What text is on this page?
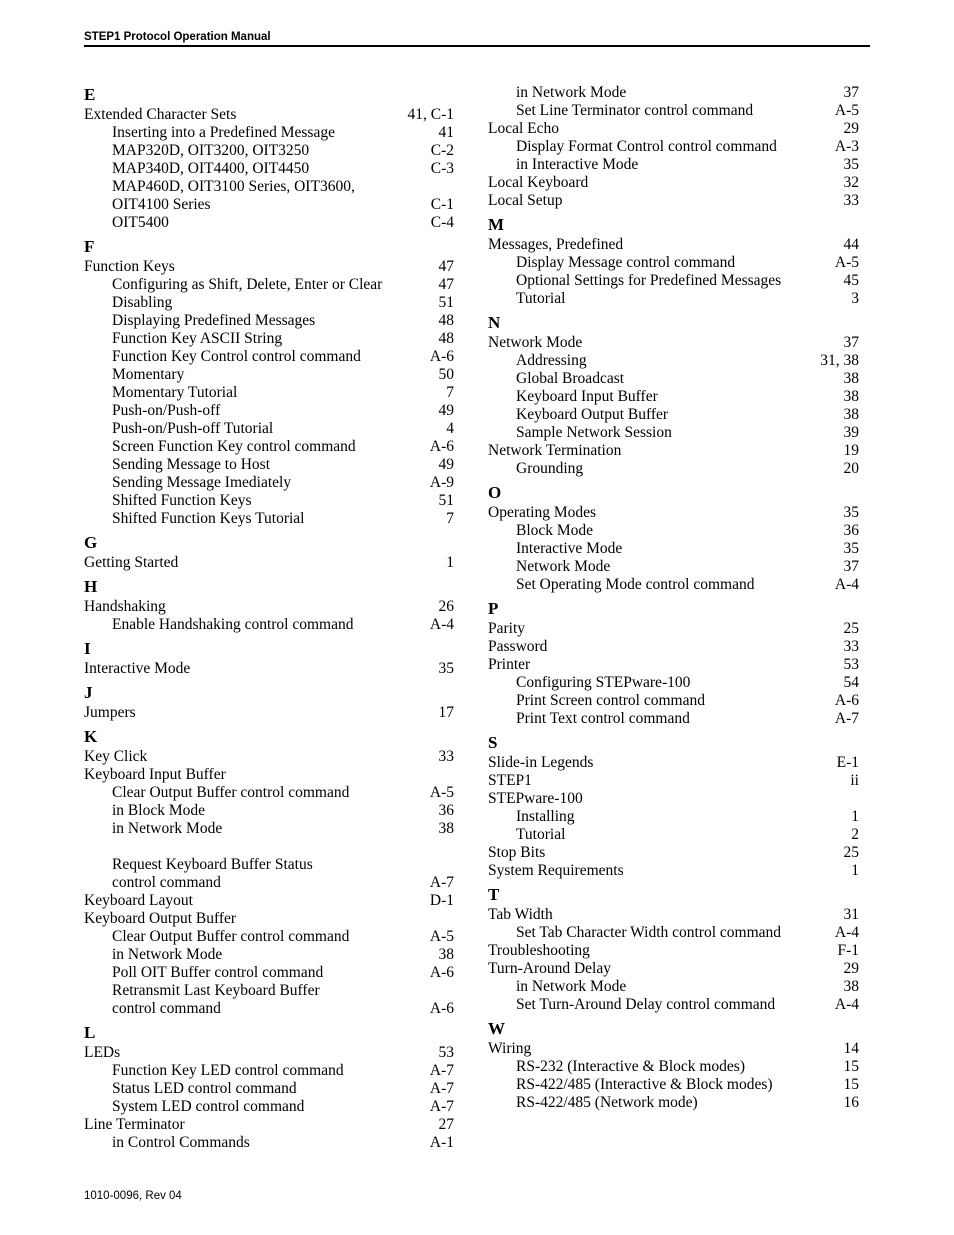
STEP1 Protocol Operation Manual
E
Extended Character Sets	41, C-1
Inserting into a Predefined Message	41
MAP320D, OIT3200, OIT3250	C-2
MAP340D, OIT4400, OIT4450	C-3
MAP460D, OIT3100 Series, OIT3600,
OIT4100 Series	C-1
OIT5400	C-4
F
Function Keys	47
Configuring as Shift, Delete, Enter or Clear	47
Disabling	51
Displaying Predefined Messages	48
Function Key ASCII String	48
Function Key Control control command	A-6
Momentary	50
Momentary Tutorial	7
Push-on/Push-off	49
Push-on/Push-off Tutorial	4
Screen Function Key control command	A-6
Sending Message to Host	49
Sending Message Imediately	A-9
Shifted Function Keys	51
Shifted Function Keys Tutorial	7
G
Getting Started	1
H
Handshaking	26
Enable Handshaking control command	A-4
I
Interactive Mode	35
J
Jumpers	17
K
Key Click	33
Keyboard Input Buffer
Clear Output Buffer control command	A-5
in Block Mode	36
in Network Mode	38
Request Keyboard Buffer Status
control command	A-7
Keyboard Layout	D-1
Keyboard Output Buffer
Clear Output Buffer control command	A-5
in Network Mode	38
Poll OIT Buffer control command	A-6
Retransmit Last Keyboard Buffer
control command	A-6
L
LEDs	53
Function Key LED control command	A-7
Status LED control command	A-7
System LED control command	A-7
Line Terminator	27
in Control Commands	A-1
in Network Mode	37
Set Line Terminator control command	A-5
Local Echo	29
Display Format Control control command	A-3
in Interactive Mode	35
Local Keyboard	32
Local Setup	33
M
Messages, Predefined	44
Display Message control command	A-5
Optional Settings for Predefined Messages	45
Tutorial	3
N
Network Mode	37
Addressing	31, 38
Global Broadcast	38
Keyboard Input Buffer	38
Keyboard Output Buffer	38
Sample Network Session	39
Network Termination	19
Grounding	20
O
Operating Modes	35
Block Mode	36
Interactive Mode	35
Network Mode	37
Set Operating Mode control command	A-4
P
Parity	25
Password	33
Printer	53
Configuring STEPware-100	54
Print Screen control command	A-6
Print Text control command	A-7
S
Slide-in Legends	E-1
STEP1	ii
STEPware-100
Installing	1
Tutorial	2
Stop Bits	25
System Requirements	1
T
Tab Width	31
Set Tab Character Width control command	A-4
Troubleshooting	F-1
Turn-Around Delay	29
in Network Mode	38
Set Turn-Around Delay control command	A-4
W
Wiring	14
RS-232 (Interactive & Block modes)	15
RS-422/485 (Interactive & Block modes)	15
RS-422/485 (Network mode)	16
1010-0096, Rev 04
